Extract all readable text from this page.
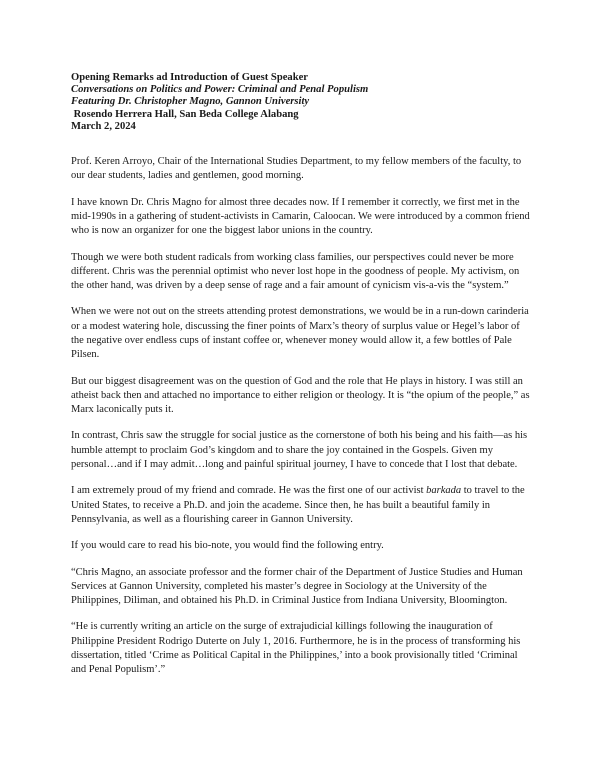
Opening Remarks ad Introduction of Guest Speaker
Conversations on Politics and Power: Criminal and Penal Populism
Featuring Dr. Christopher Magno, Gannon University
Rosendo Herrera Hall, San Beda College Alabang
March 2, 2024

Prof. Keren Arroyo, Chair of the International Studies Department, to my fellow members of the faculty, to our dear students, ladies and gentlemen, good morning.

I have known Dr. Chris Magno for almost three decades now. If I remember it correctly, we first met in the mid-1990s in a gathering of student-activists in Camarin, Caloocan. We were introduced by a common friend who is now an organizer for one the biggest labor unions in the country.

Though we were both student radicals from working class families, our perspectives could never be more different. Chris was the perennial optimist who never lost hope in the goodness of people. My activism, on the other hand, was driven by a deep sense of rage and a fair amount of cynicism vis-a-vis the “system.”

When we were not out on the streets attending protest demonstrations, we would be in a run-down carinderia or a modest watering hole, discussing the finer points of Marx’s theory of surplus value or Hegel’s labor of the negative over endless cups of instant coffee or, whenever money would allow it, a few bottles of Pale Pilsen.

But our biggest disagreement was on the question of God and the role that He plays in history. I was still an atheist back then and attached no importance to either religion or theology. It is “the opium of the people,” as Marx laconically puts it.

In contrast, Chris saw the struggle for social justice as the cornerstone of both his being and his faith—as his humble attempt to proclaim God’s kingdom and to share the joy contained in the Gospels. Given my personal…and if I may admit…long and painful spiritual journey, I have to concede that I lost that debate.

I am extremely proud of my friend and comrade. He was the first one of our activist barkada to travel to the United States, to receive a Ph.D. and join the academe. Since then, he has built a beautiful family in Pennsylvania, as well as a flourishing career in Gannon University.

If you would care to read his bio-note, you would find the following entry.

“Chris Magno, an associate professor and the former chair of the Department of Justice Studies and Human Services at Gannon University, completed his master’s degree in Sociology at the University of the Philippines, Diliman, and obtained his Ph.D. in Criminal Justice from Indiana University, Bloomington.

“He is currently writing an article on the surge of extrajudicial killings following the inauguration of Philippine President Rodrigo Duterte on July 1, 2016. Furthermore, he is in the process of transforming his dissertation, titled ‘Crime as Political Capital in the Philippines,’ into a book provisionally titled ‘Criminal and Penal Populism’.”
